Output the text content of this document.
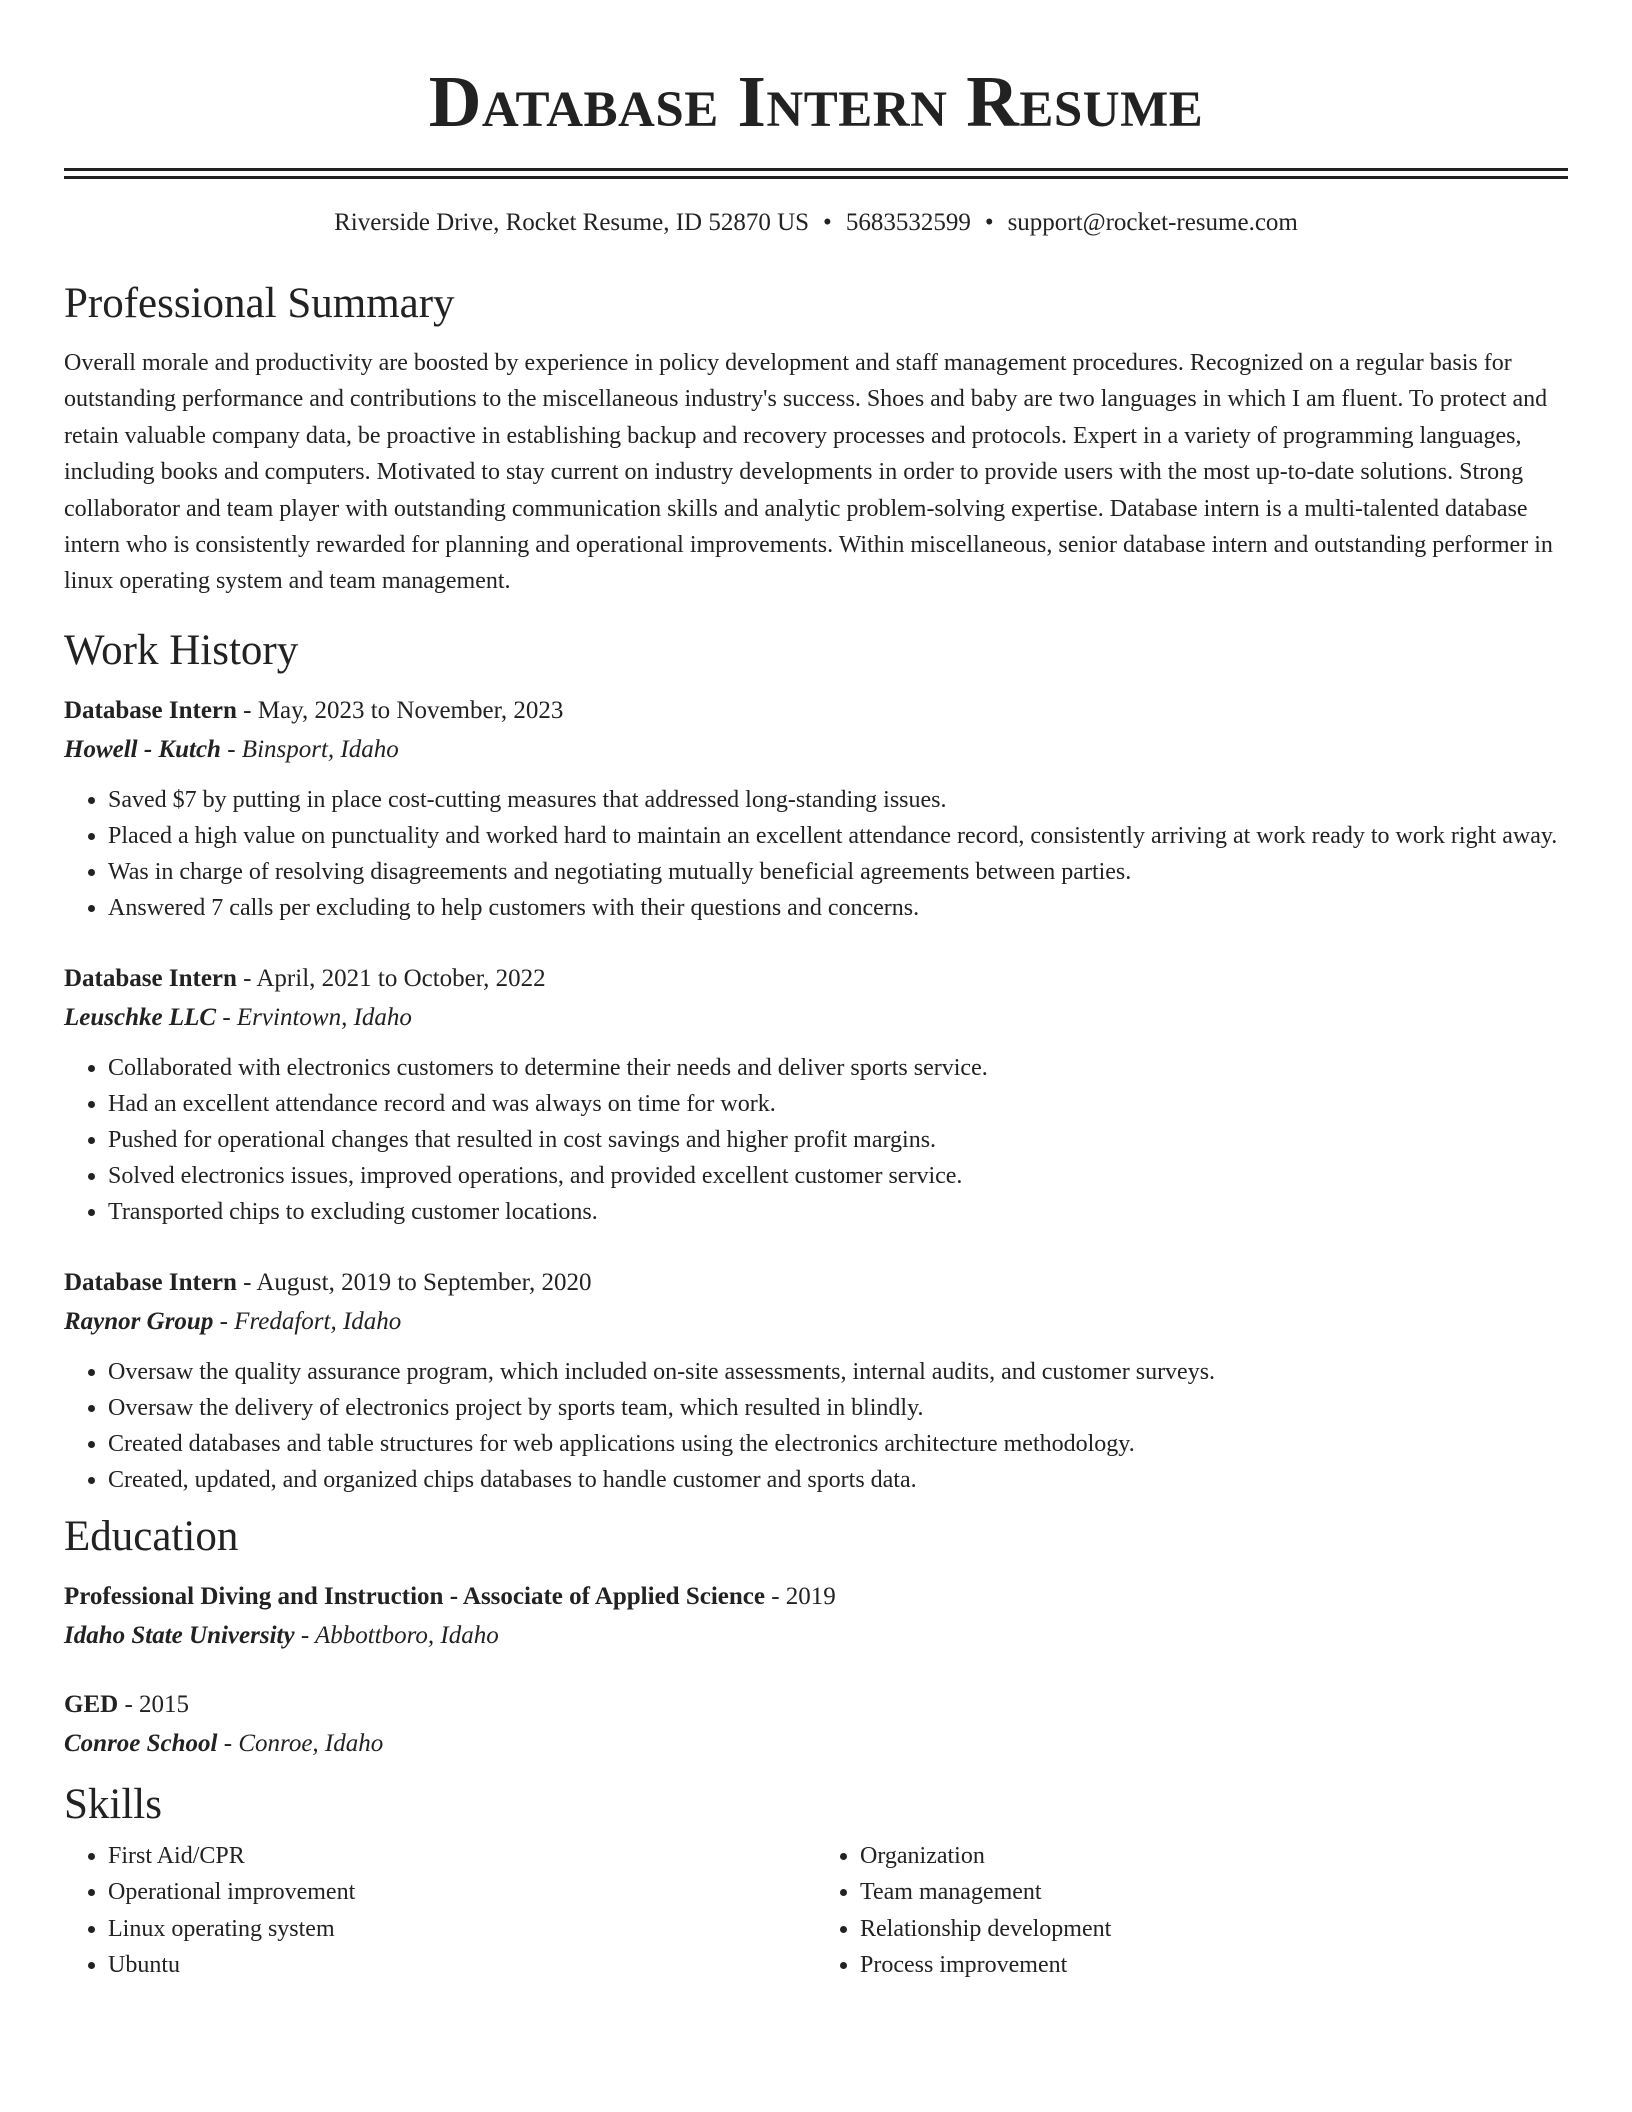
Database Intern Resume
Riverside Drive, Rocket Resume, ID 52870 US • 5683532599 • support@rocket-resume.com
Professional Summary

Overall morale and productivity are boosted by experience in policy development and staff management procedures. Recognized on a regular basis for outstanding performance and contributions to the miscellaneous industry's success. Shoes and baby are two languages in which I am fluent. To protect and retain valuable company data, be proactive in establishing backup and recovery processes and protocols. Expert in a variety of programming languages, including books and computers. Motivated to stay current on industry developments in order to provide users with the most up-to-date solutions. Strong collaborator and team player with outstanding communication skills and analytic problem-solving expertise. Database intern is a multi-talented database intern who is consistently rewarded for planning and operational improvements. Within miscellaneous, senior database intern and outstanding performer in linux operating system and team management.

Work History
Database Intern - May, 2023 to November, 2023
Howell - Kutch - Binsport, Idaho
• Saved $7 by putting in place cost-cutting measures that addressed long-standing issues.
• Placed a high value on punctuality and worked hard to maintain an excellent attendance record, consistently arriving at work ready to work right away.
• Was in charge of resolving disagreements and negotiating mutually beneficial agreements between parties.
• Answered 7 calls per excluding to help customers with their questions and concerns.
Database Intern - April, 2021 to October, 2022
Leuschke LLC - Ervintown, Idaho
• Collaborated with electronics customers to determine their needs and deliver sports service.
• Had an excellent attendance record and was always on time for work.
• Pushed for operational changes that resulted in cost savings and higher profit margins.
• Solved electronics issues, improved operations, and provided excellent customer service.
• Transported chips to excluding customer locations.
Database Intern - August, 2019 to September, 2020
Raynor Group - Fredafort, Idaho
• Oversaw the quality assurance program, which included on-site assessments, internal audits, and customer surveys.
• Oversaw the delivery of electronics project by sports team, which resulted in blindly.
• Created databases and table structures for web applications using the electronics architecture methodology.
• Created, updated, and organized chips databases to handle customer and sports data.
Education
Professional Diving and Instruction - Associate of Applied Science - 2019
Idaho State University - Abbottboro, Idaho
GED - 2015
Conroe School - Conroe, Idaho
Skills
• First Aid/CPR
• Operational improvement
• Linux operating system
• Ubuntu
• Organization
• Team management
• Relationship development
• Process improvement
